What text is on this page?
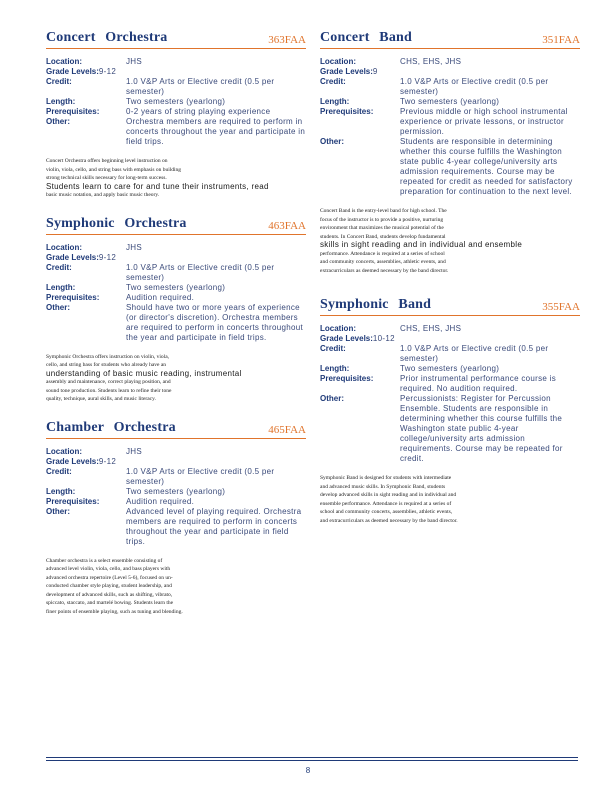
Concert Orchestra	363FAA
Location:	JHS
Grade Levels: 9-12
Credit:	1.0 V&P Arts or Elective credit (0.5 per semester)
Length:	Two semesters (yearlong)
Prerequisites:	0-2 years of string playing experience
Other:	Orchestra members are required to perform in concerts throughout the year and participate in field trips.
Concert Orchestra offers beginning level instruction on
violin, viola, cello, and string bass with emphasis on building
strong technical skills necessary for long-term success.
Students learn to care for and tune their instruments, read
basic music notation, and apply basic music theory.
Symphonic Orchestra	463FAA
Location:	JHS
Grade Levels: 9-12
Credit:	1.0 V&P Arts or Elective credit (0.5 per semester)
Length:	Two semesters (yearlong)
Prerequisites:	Audition required.
Other:	Should have two or more years of experience (or director's discretion). Orchestra members are required to perform in concerts throughout the year and participate in field trips.
Symphonic Orchestra offers instruction on violin, viola,
cello, and string bass for students who already have an
understanding of basic music reading, instrumental
assembly and maintenance, correct playing position, and
sound tone production. Students learn to refine their tone
quality, technique, aural skills, and music literacy.
Chamber Orchestra	465FAA
Location:	JHS
Grade Levels: 9-12
Credit:	1.0 V&P Arts or Elective credit (0.5 per semester)
Length:	Two semesters (yearlong)
Prerequisites:	Audition required.
Other:	Advanced level of playing required. Orchestra members are required to perform in concerts throughout the year and participate in field trips.
Chamber orchestra is a select ensemble consisting of
advanced level violin, viola, cello, and bass players with
advanced orchestra repertoire (Level 5-6), focused on un-
conducted chamber style playing, student leadership, and
development of advanced skills, such as shifting, vibrato,
spiccato, staccato, and martelé bowing. Students learn the
finer points of ensemble playing, such as tuning and blending.
Concert Band	351FAA
Location:	CHS, EHS, JHS
Grade Levels: 9
Credit:	1.0 V&P Arts or Elective credit (0.5 per semester)
Length:	Two semesters (yearlong)
Prerequisites:	Previous middle or high school instrumental experience or private lessons, or instructor permission.
Other:	Students are responsible in determining whether this course fulfills the Washington state public 4-year college/university arts admission requirements. Course may be repeated for credit as needed for satisfactory preparation for continuation to the next level.
Concert Band is the entry-level band for high school. The
focus of the instructor is to provide a positive, nurturing
environment that maximizes the musical potential of the
students. In Concert Band, students develop fundamental
skills in sight reading and in individual and ensemble
performance. Attendance is required at a series of school
and community concerts, assemblies, athletic events, and
extracurriculars as deemed necessary by the band director.
Symphonic Band	355FAA
Location:	CHS, EHS, JHS
Grade Levels: 10-12
Credit:	1.0 V&P Arts or Elective credit (0.5 per semester)
Length:	Two semesters (yearlong)
Prerequisites:	Prior instrumental performance course is required. No audition required.
Other:	Percussionists: Register for Percussion Ensemble. Students are responsible in determining whether this course fulfills the Washington state public 4-year college/university arts admission requirements. Course may be repeated for credit.
Symphonic Band is designed for students with intermediate
and advanced music skills. In Symphonic Band, students
develop advanced skills in sight reading and in individual and
ensemble performance. Attendance is required at a series of
school and community concerts, assemblies, athletic events,
and extracurriculars as deemed necessary by the band director.
8
